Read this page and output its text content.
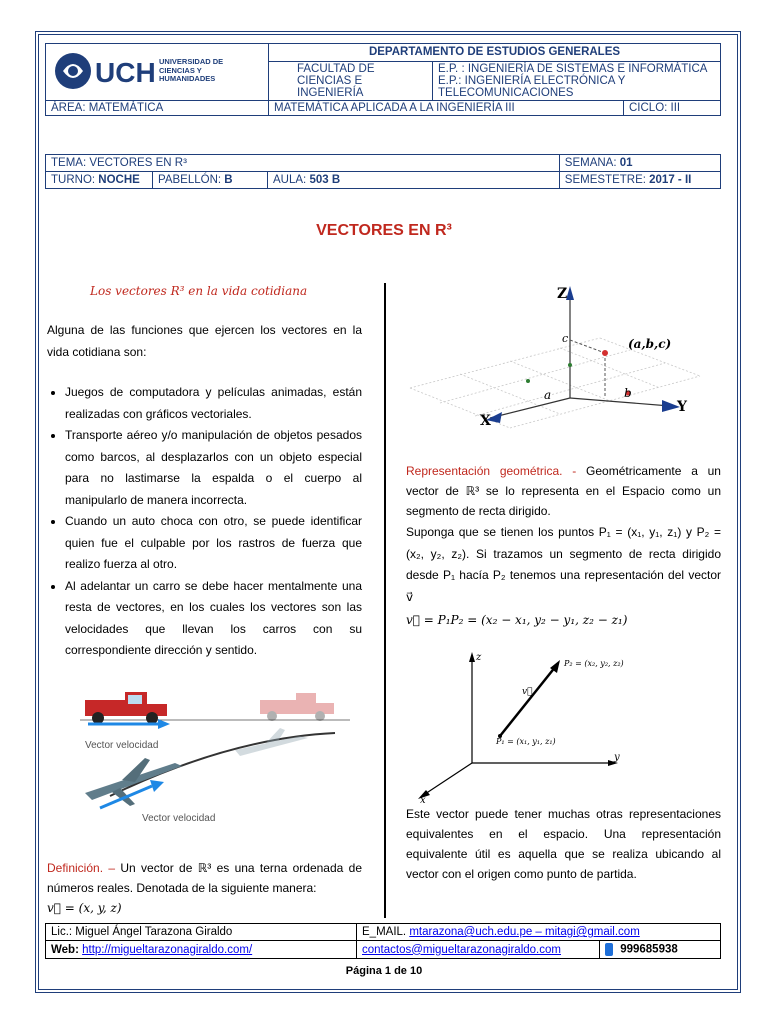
UCH UNIVERSIDAD DE CIENCIAS Y HUMANIDADES	DEPARTAMENTO DE ESTUDIOS GENERALES		
	FACULTAD DE CIENCIAS E INGENIERÍA	E.P. : INGENIERÍA DE SISTEMAS E INFORMÁTICA
E.P.: INGENIERÍA ELECTRÓNICA Y TELECOMUNICACIONES	

ÁREA: MATEMÁTICA	MATEMÁTICA APLICADA A LA INGENIERÍA III		CICLO: III
TEMA: VECTORES EN R³			SEMANA: 01
TURNO: NOCHE	PABELLÓN: B	AULA: 503 B	SEMESTETRE: 2017 - II
VECTORES EN R³
Los vectores R³ en la vida cotidiana
Alguna de las funciones que ejercen los vectores en la vida cotidiana son:
• Juegos de computadora y películas animadas, están realizadas con gráficos vectoriales.
• Transporte aéreo y/o manipulación de objetos pesados como barcos, al desplazarlos con un objeto especial para no lastimarse la espalda o el cuerpo al manipularlo de manera incorrecta.
• Cuando un auto choca con otro, se puede identificar quien fue el culpable por los rastros de fuerza que realizo fuerza al otro.
• Al adelantar un carro se debe hacer mentalmente una resta de vectores, en los cuales los vectores son las velocidades que llevan los carros con su correspondiente dirección y sentido.
Vector velocidad
Vector velocidad
Definición. – Un vector de ℝ³ es una terna ordenada de números reales. Denotada de la siguiente manera:
v⃗ = (x, y, z)
Z
X
Y
(a,b,c)
a	b
c
Representación geométrica. - Geométricamente a un vector de ℝ³ se lo representa en el Espacio como un segmento de recta dirigido.
Suponga que se tienen los puntos P₁ = (x₁, y₁, z₁) y P₂ = (x₂, y₂, z₂). Si trazamos un segmento de recta dirigido desde P₁ hacía P₂ tenemos una representación del vector v⃗
v⃗ = P₁P₂ = (x₂ − x₁, y₂ − y₁, z₂ − z₁)
z
y
x
P₂ = (x₂, y₂, z₂)
P₁ = (x₁, y₁, z₁)
v⃗
Este vector puede tener muchas otras representaciones equivalentes en el espacio. Una representación equivalente útil es aquella que se realiza ubicando al vector con el origen como punto de partida.
Lic.: Miguel Ángel Tarazona Giraldo	E_MAIL. mtarazona@uch.edu.pe – mitagi@gmail.com	
Web: http://migueltarazonagiraldo.com/	contactos@migueltarazonagiraldo.com	999685938
Página 1 de 10
